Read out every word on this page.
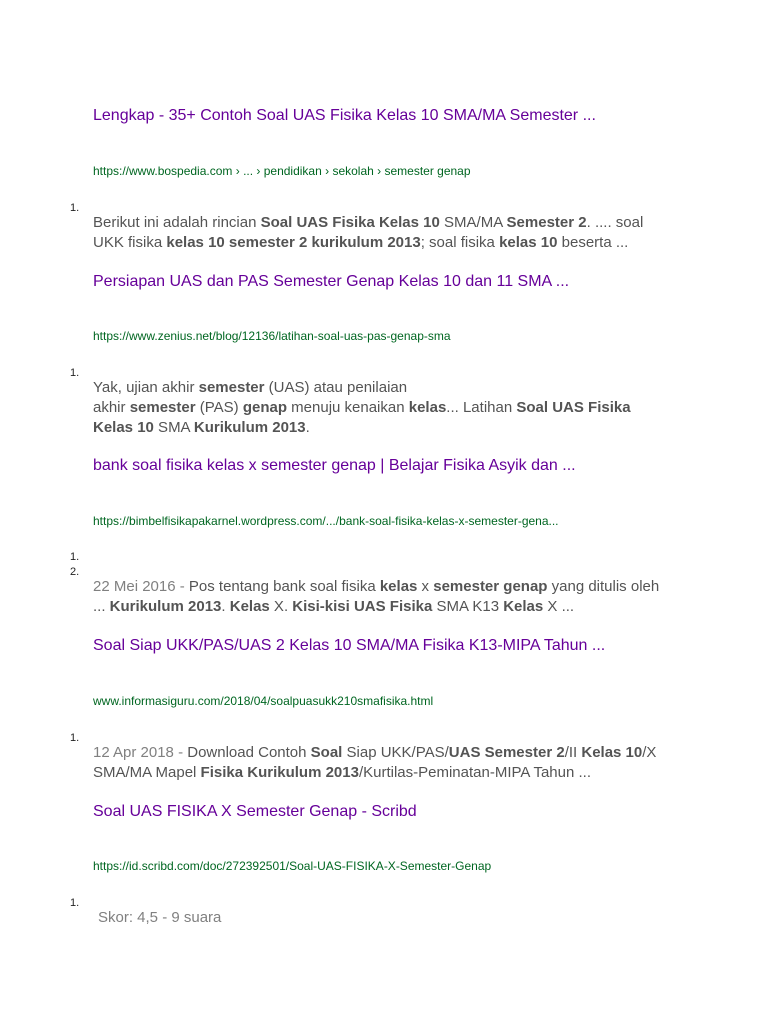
Lengkap - 35+ Contoh Soal UAS Fisika Kelas 10 SMA/MA Semester ...
https://www.bospedia.com › ... › pendidikan › sekolah › semester genap
1.
Berikut ini adalah rincian Soal UAS Fisika Kelas 10 SMA/MA Semester 2. .... soal UKK fisika kelas 10 semester 2 kurikulum 2013; soal fisika kelas 10 beserta ...
Persiapan UAS dan PAS Semester Genap Kelas 10 dan 11 SMA ...
https://www.zenius.net/blog/12136/latihan-soal-uas-pas-genap-sma
1.
Yak, ujian akhir semester (UAS) atau penilaian
akhir semester (PAS) genap menuju kenaikan kelas... Latihan Soal UAS Fisika Kelas 10 SMA Kurikulum 2013.
bank soal fisika kelas x semester genap | Belajar Fisika Asyik dan ...
https://bimbelfisikapakarnel.wordpress.com/.../bank-soal-fisika-kelas-x-semester-gena...
1.
2.
22 Mei 2016 - Pos tentang bank soal fisika kelas x semester genap yang ditulis oleh ... Kurikulum 2013. Kelas X. Kisi-kisi UAS Fisika SMA K13 Kelas X ...
Soal Siap UKK/PAS/UAS 2 Kelas 10 SMA/MA Fisika K13-MIPA Tahun ...
www.informasiguru.com/2018/04/soalpuasukk210smafisika.html
1.
12 Apr 2018 - Download Contoh Soal Siap UKK/PAS/UAS Semester 2/II Kelas 10/X SMA/MA Mapel Fisika Kurikulum 2013/Kurtilas-Peminatan-MIPA Tahun ...
Soal UAS FISIKA X Semester Genap - Scribd
https://id.scribd.com/doc/272392501/Soal-UAS-FISIKA-X-Semester-Genap
1.
Skor: 4,5 - 9 suara
